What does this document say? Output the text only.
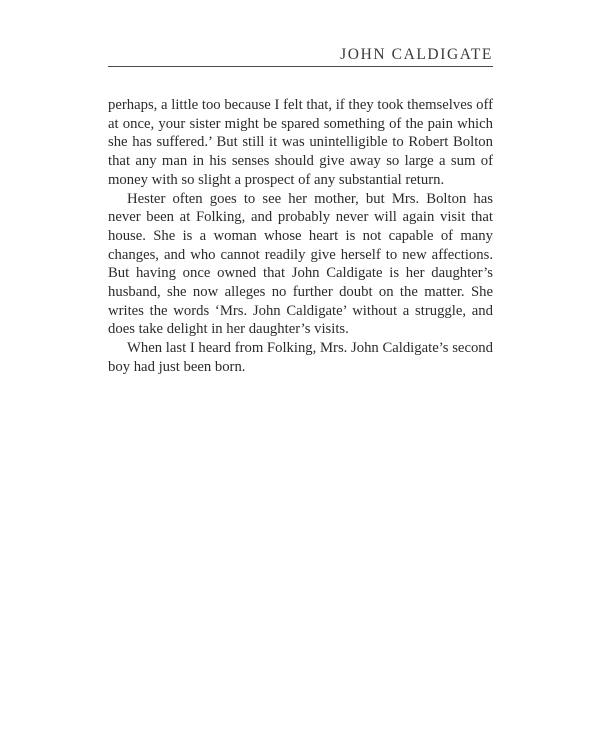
JOHN CALDIGATE

perhaps, a little too because I felt that, if they took themselves off at once, your sister might be spared something of the pain which she has suffered.’ But still it was unintelligible to Robert Bolton that any man in his senses should give away so large a sum of money with so slight a prospect of any substantial return.

Hester often goes to see her mother, but Mrs. Bolton has never been at Folking, and probably never will again visit that house. She is a woman whose heart is not capable of many changes, and who cannot readily give herself to new affections. But having once owned that John Caldigate is her daughter’s husband, she now alleges no further doubt on the matter. She writes the words ‘Mrs. John Caldigate’ without a struggle, and does take delight in her daughter’s visits.

When last I heard from Folking, Mrs. John Caldigate’s second boy had just been born.
